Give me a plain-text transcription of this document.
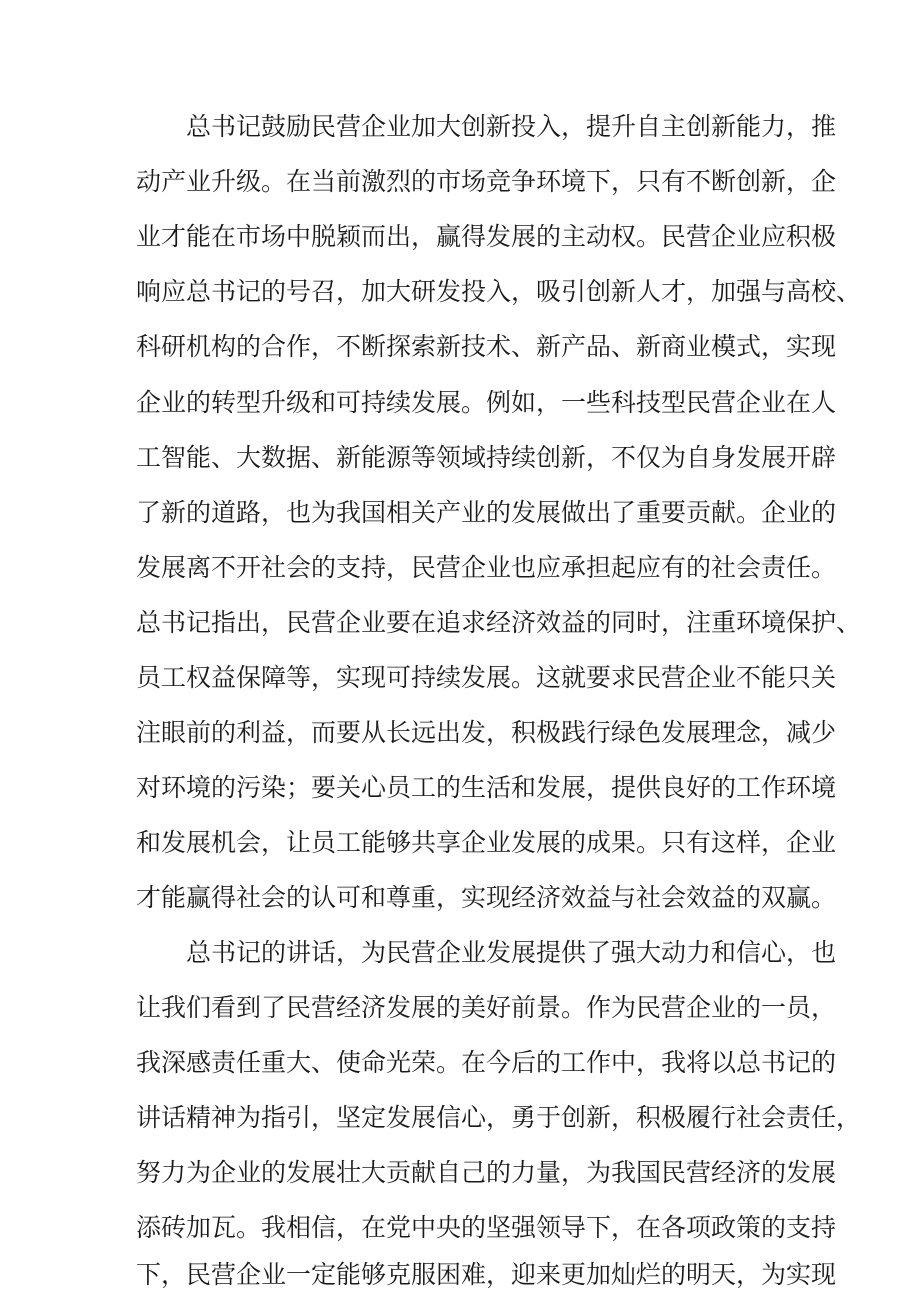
总书记鼓励民营企业加大创新投入，提升自主创新能力，推
动产业升级。在当前激烈的市场竞争环境下，只有不断创新，企
业才能在市场中脱颖而出，赢得发展的主动权。民营企业应积极
响应总书记的号召，加大研发投入，吸引创新人才，加强与高校、
科研机构的合作，不断探索新技术、新产品、新商业模式，实现
企业的转型升级和可持续发展。例如，一些科技型民营企业在人
工智能、大数据、新能源等领域持续创新，不仅为自身发展开辟
了新的道路，也为我国相关产业的发展做出了重要贡献。企业的
发展离不开社会的支持，民营企业也应承担起应有的社会责任。
总书记指出，民营企业要在追求经济效益的同时，注重环境保护、
员工权益保障等，实现可持续发展。这就要求民营企业不能只关
注眼前的利益，而要从长远出发，积极践行绿色发展理念，减少
对环境的污染；要关心员工的生活和发展，提供良好的工作环境
和发展机会，让员工能够共享企业发展的成果。只有这样，企业
才能赢得社会的认可和尊重，实现经济效益与社会效益的双赢。
总书记的讲话，为民营企业发展提供了强大动力和信心，也
让我们看到了民营经济发展的美好前景。作为民营企业的一员，
我深感责任重大、使命光荣。在今后的工作中，我将以总书记的
讲话精神为指引，坚定发展信心，勇于创新，积极履行社会责任，
努力为企业的发展壮大贡献自己的力量，为我国民营经济的发展
添砖加瓦。我相信，在党中央的坚强领导下，在各项政策的支持
下，民营企业一定能够克服困难，迎来更加灿烂的明天，为实现
